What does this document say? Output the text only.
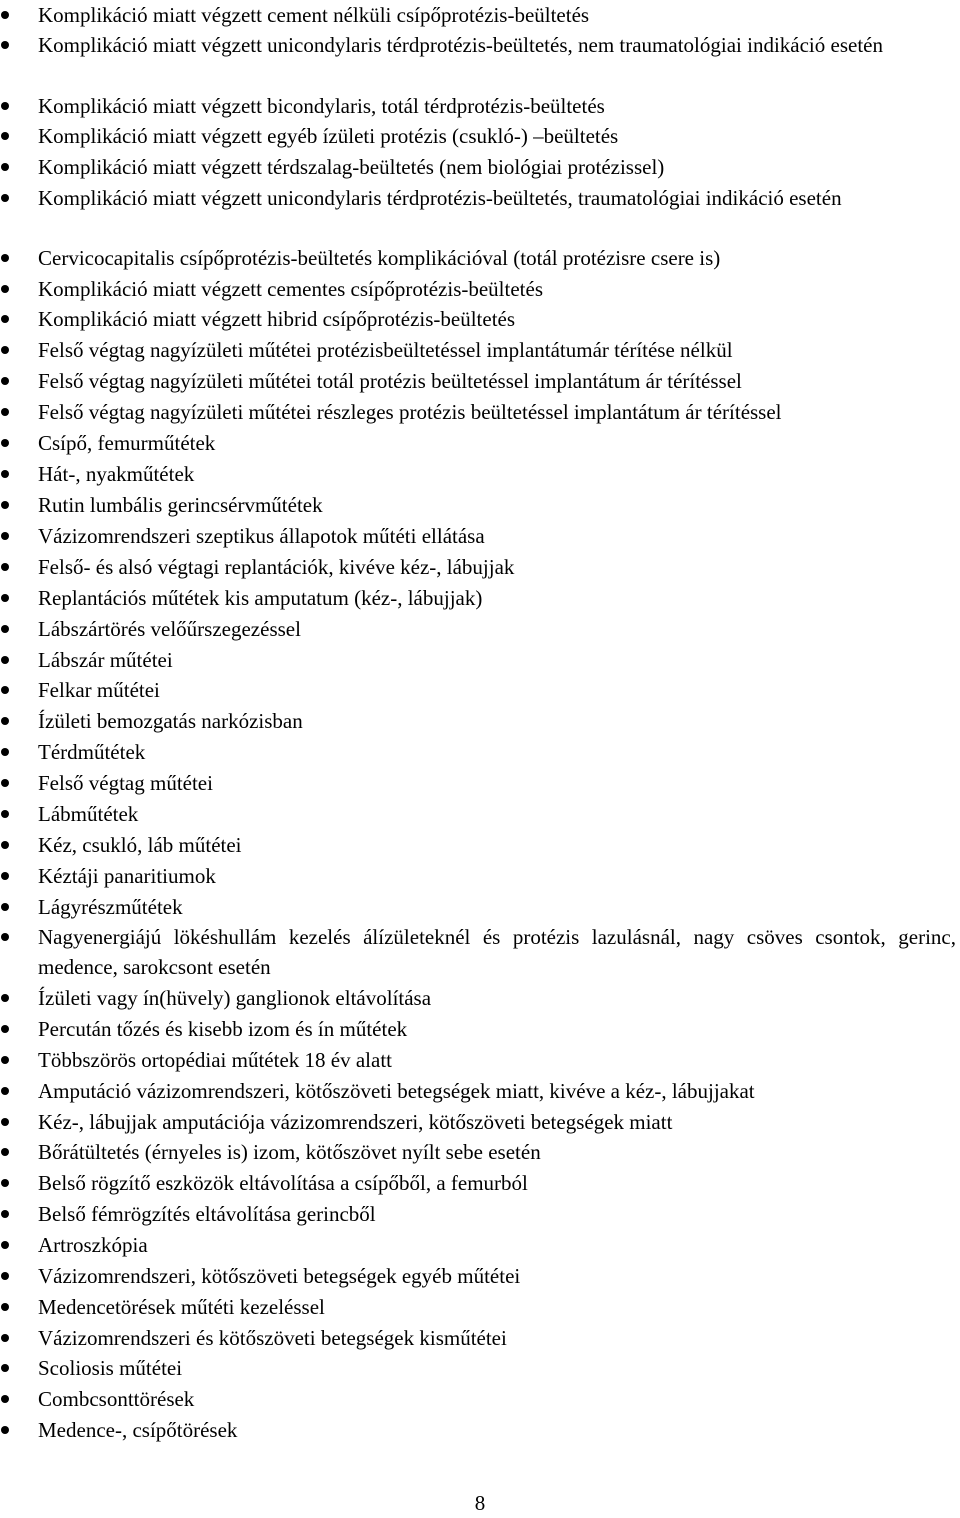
Komplikáció miatt végzett cement nélküli csípőprotézis-beültetés
Komplikáció miatt végzett unicondylaris térdprotézis-beültetés, nem traumatológiai indikáció esetén
Komplikáció miatt végzett bicondylaris, totál térdprotézis-beültetés
Komplikáció miatt végzett egyéb ízületi protézis (csukló-) –beültetés
Komplikáció miatt végzett térdszalag-beültetés (nem biológiai protézissel)
Komplikáció miatt végzett unicondylaris térdprotézis-beültetés, traumatológiai indikáció esetén
Cervicocapitalis csípőprotézis-beültetés komplikációval (totál protézisre csere is)
Komplikáció miatt végzett cementes csípőprotézis-beültetés
Komplikáció miatt végzett hibrid csípőprotézis-beültetés
Felső végtag nagyízületi műtétei protézisbeültetéssel implantátumár térítése nélkül
Felső végtag nagyízületi műtétei totál protézis beültetéssel implantátum ár térítéssel
Felső végtag nagyízületi műtétei részleges protézis beültetéssel implantátum ár térítéssel
Csípő, femurműtétek
Hát-, nyakműtétek
Rutin lumbális gerincsérvműtétek
Vázizomrendszeri szeptikus állapotok műtéti ellátása
Felső- és alsó végtagi replantációk, kivéve kéz-, lábujjak
Replantációs műtétek kis amputatum (kéz-, lábujjak)
Lábszártörés velőűrszegezéssel
Lábszár műtétei
Felkar műtétei
Ízületi bemozgatás narkózisban
Térdműtétek
Felső végtag műtétei
Lábműtétek
Kéz, csukló, láb műtétei
Kéztáji panaritiumok
Lágyrészműtétek
Nagyenergiájú lökéshullám kezelés álízületeknél és protézis lazulásnál, nagy csöves csontok, gerinc, medence, sarokcsont esetén
Ízületi vagy ín(hüvely) ganglionok eltávolítása
Percután tőzés és kisebb izom és ín műtétek
Többszörös ortopédiai műtétek 18 év alatt
Amputáció vázizomrendszeri, kötőszöveti betegségek miatt, kivéve a kéz-, lábujjakat
Kéz-, lábujjak amputációja vázizomrendszeri, kötőszöveti betegségek miatt
Bőrátültetés (érnyeles is) izom, kötőszövet nyílt sebe esetén
Belső rögzítő eszközök eltávolítása a csípőből, a femurból
Belső fémrögzítés eltávolítása gerincből
Artroszkópia
Vázizomrendszeri, kötőszöveti betegségek egyéb műtétei
Medencetörések műtéti kezeléssel
Vázizomrendszeri és kötőszöveti betegségek kisműtétei
Scoliosis műtétei
Combcsonttörések
Medence-, csípőtörések
8
